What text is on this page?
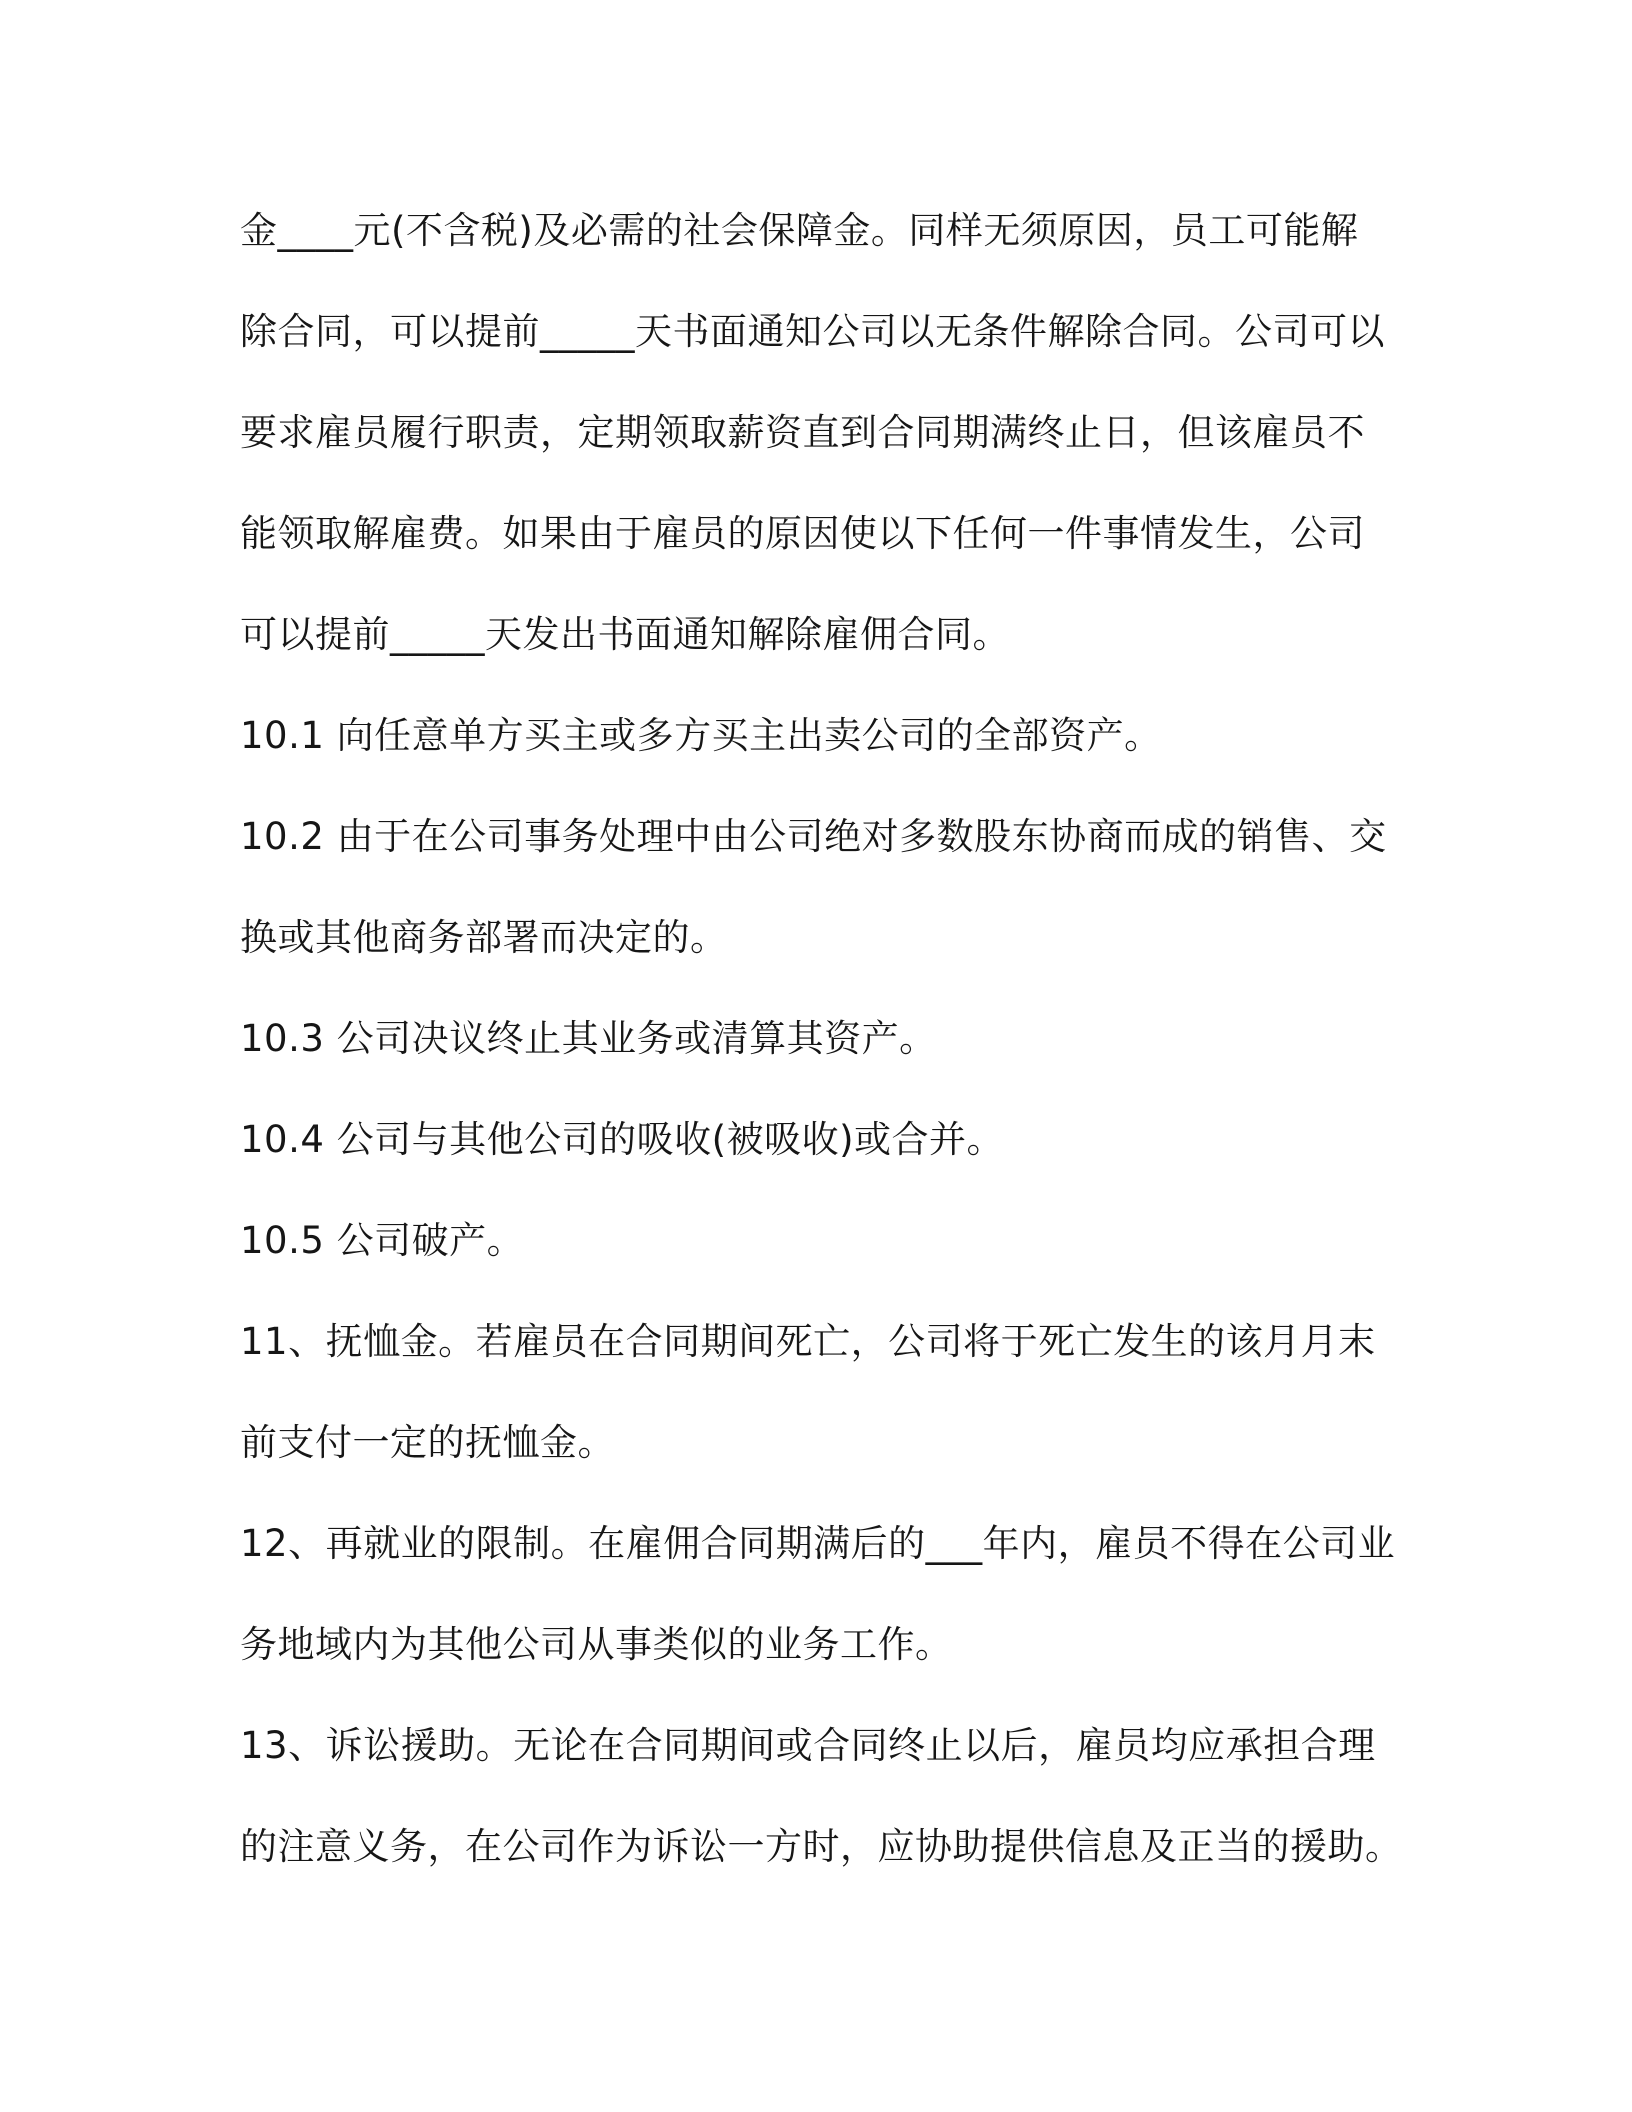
金____元(不含税)及必需的社会保障金。同样无须原因，员工可能解
除合同，可以提前_____天书面通知公司以无条件解除合同。公司可以
要求雇员履行职责，定期领取薪资直到合同期满终止日，但该雇员不
能领取解雇费。如果由于雇员的原因使以下任何一件事情发生，公司
可以提前_____天发出书面通知解除雇佣合同。
10.1 向任意单方买主或多方买主出卖公司的全部资产。
10.2 由于在公司事务处理中由公司绝对多数股东协商而成的销售、交
换或其他商务部署而决定的。
10.3 公司决议终止其业务或清算其资产。
10.4 公司与其他公司的吸收(被吸收)或合并。
10.5 公司破产。
11、抚恤金。若雇员在合同期间死亡，公司将于死亡发生的该月月末
前支付一定的抚恤金。
12、再就业的限制。在雇佣合同期满后的___年内，雇员不得在公司业
务地域内为其他公司从事类似的业务工作。
13、诉讼援助。无论在合同期间或合同终止以后，雇员均应承担合理
的注意义务，在公司作为诉讼一方时，应协助提供信息及正当的援助。
